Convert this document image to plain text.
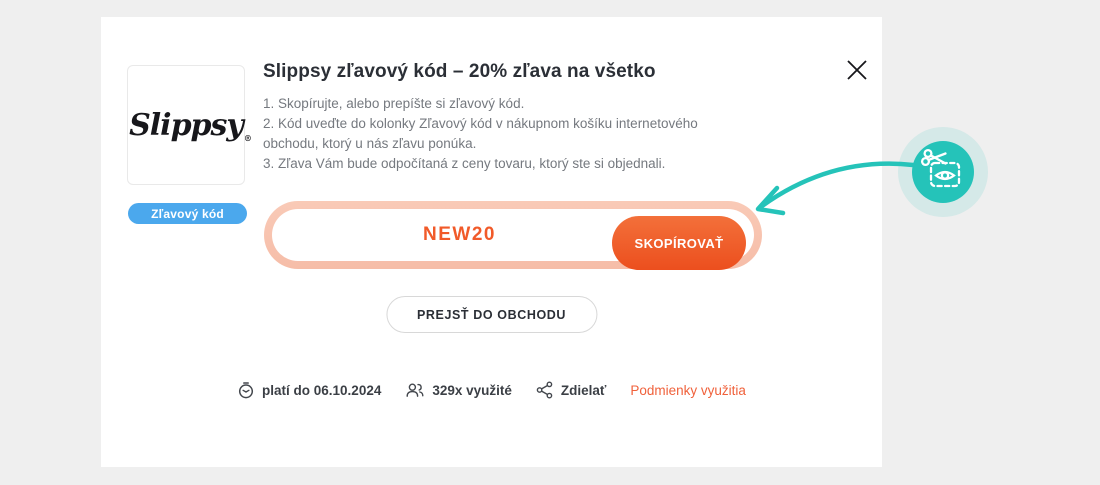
Slippsy ®
Zľavový kód
Slippsy zľavový kód – 20% zľava na všetko
1. Skopírujte, alebo prepíšte si zľavový kód.
2. Kód uveďte do kolonky Zľavový kód v nákupnom košíku internetového obchodu, ktorý u nás zľavu ponúka.
3. Zľava Vám bude odpočítaná z ceny tovaru, ktorý ste si objednali.
NEW20	SKOPÍROVAŤ
PREJSŤ DO OBCHODU
platí do 06.10.2024	329x využité	Zdielať Podmienky využitia
